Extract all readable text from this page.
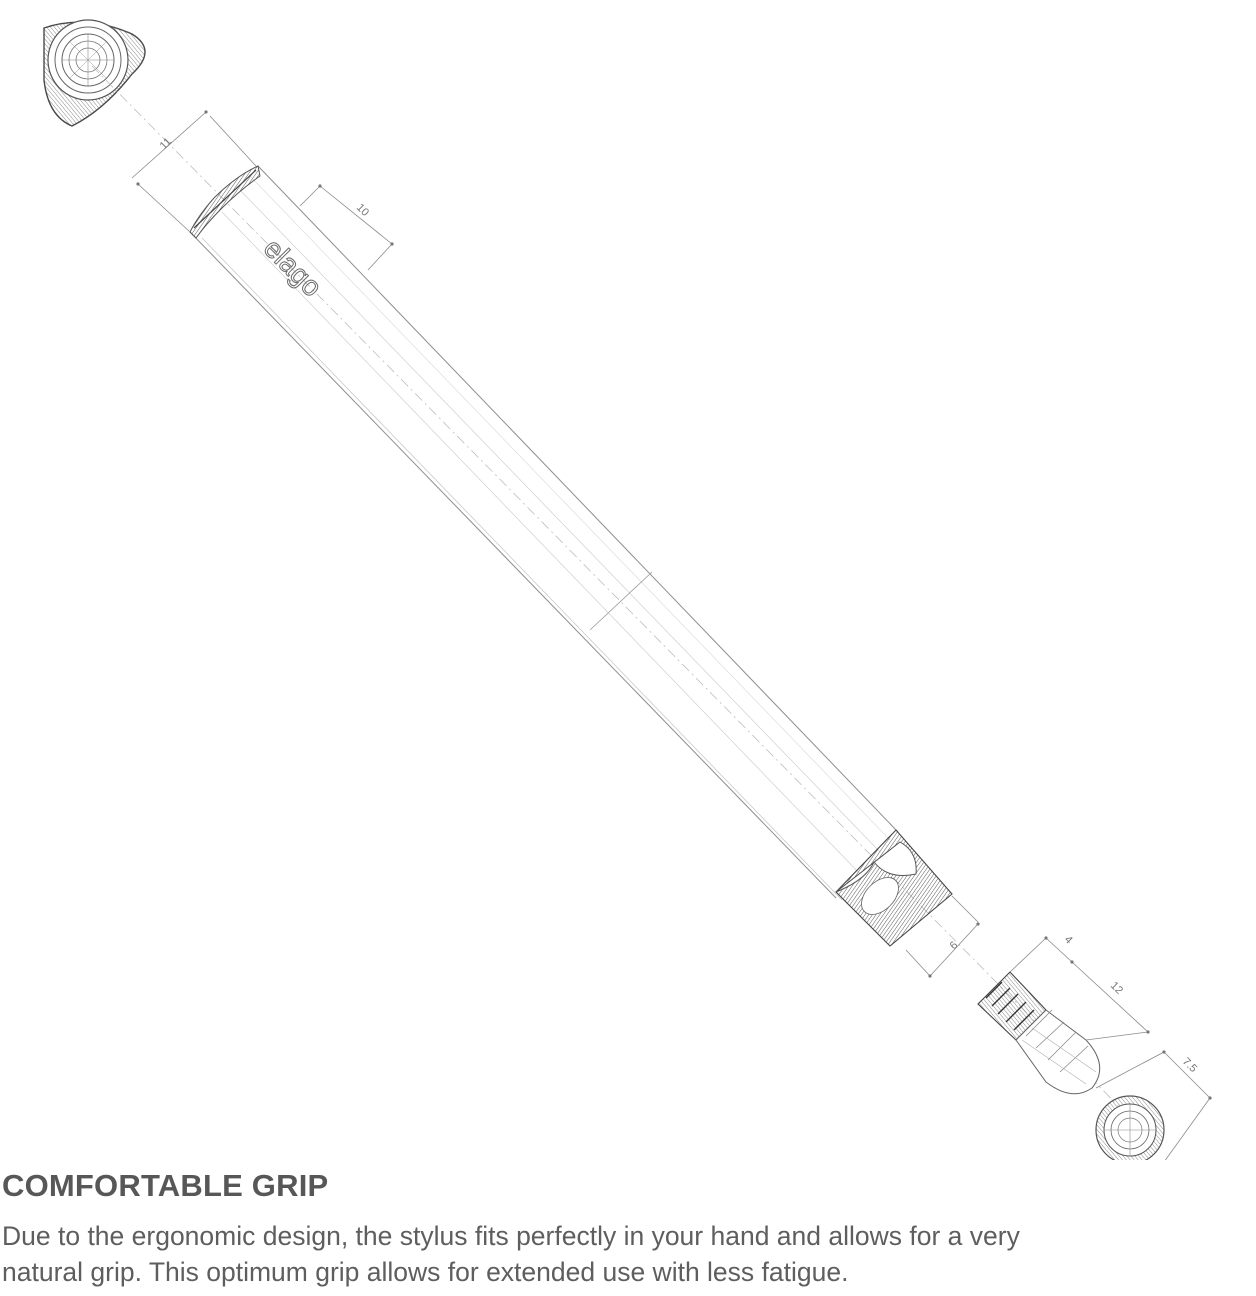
elago
11
10
6	4
12
7.5
COMFORTABLE GRIP

Due to the ergonomic design, the stylus fits perfectly in your hand and allows for a very
natural grip. This optimum grip allows for extended use with less fatigue.
